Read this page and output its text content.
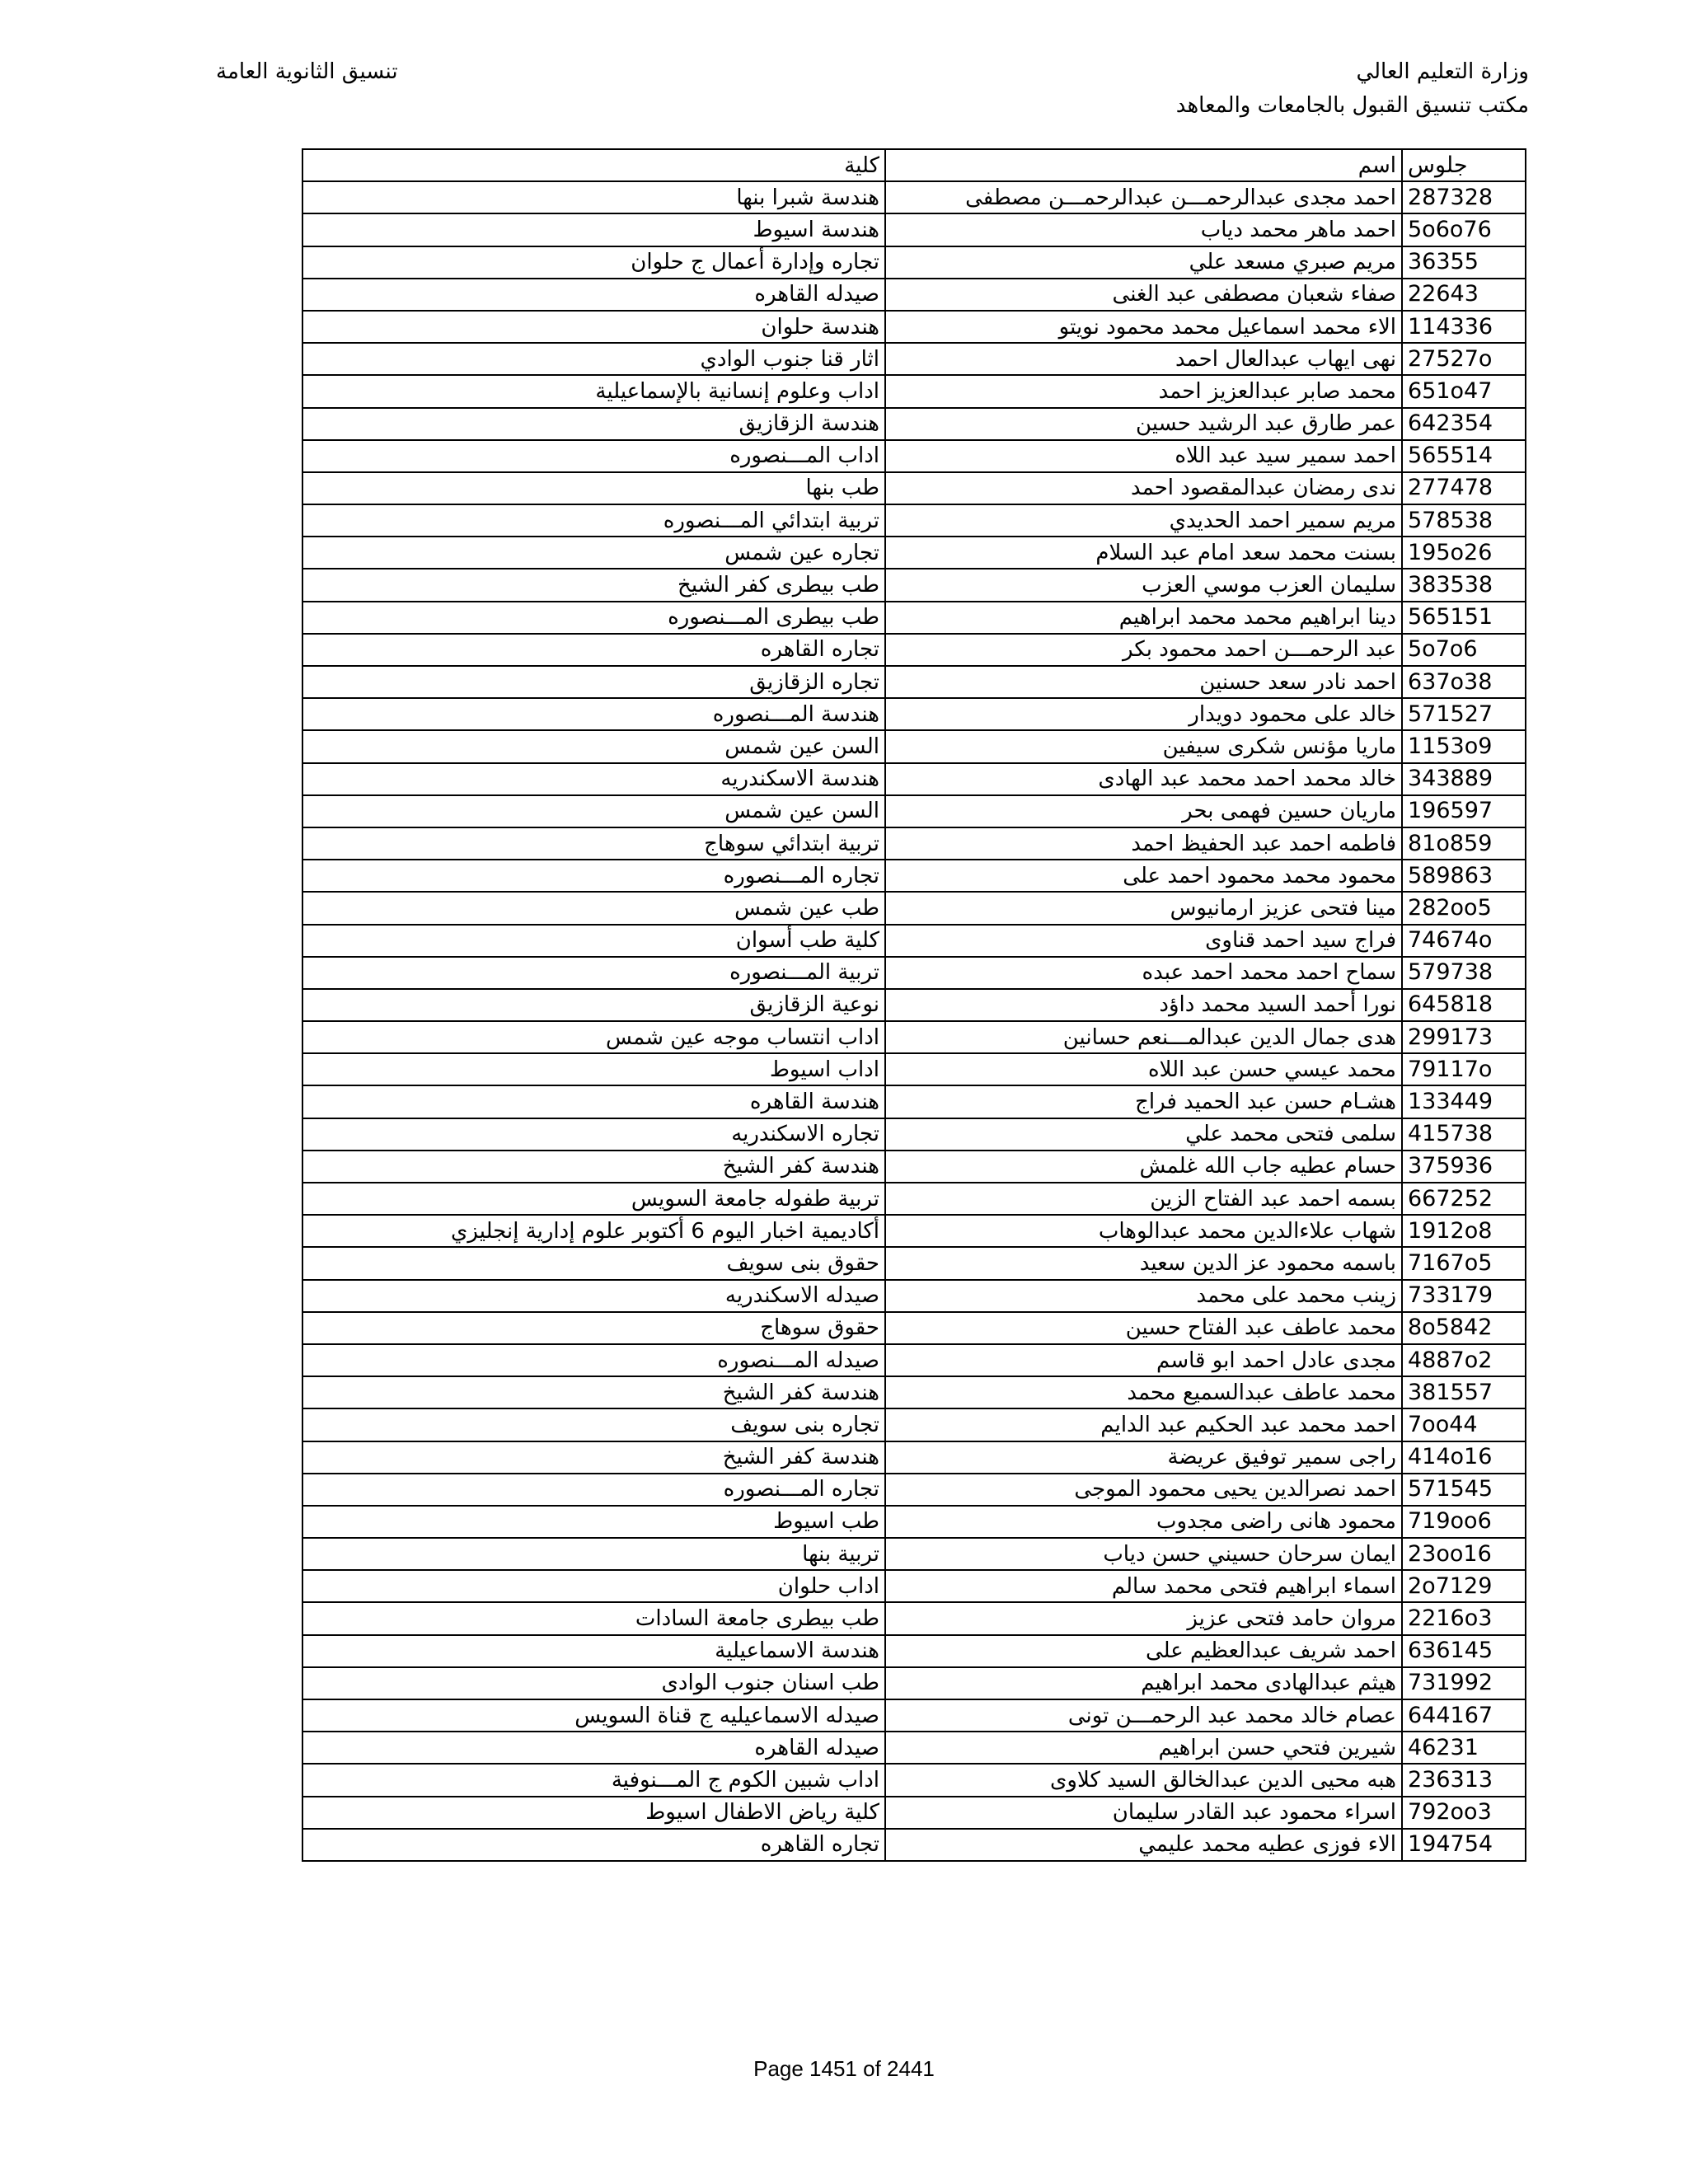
وزارة التعليم العالي
مكتب تنسيق القبول بالجامعات والمعاهد
تنسيق الثانوية العامة
كلية	اسم	جلوس
هندسة شبرا بنها	احمد مجدى عبدالرحمـــن عبدالرحمـــن مصطفى	287328
هندسة اسيوط	احمد ماهر محمد دياب	5o6o76
تجاره وإدارة أعمال ج حلوان	مريم صبري مسعد علي	36355
صيدله القاهره	صفاء شعبان مصطفى عبد الغنى	22643
هندسة حلوان	الاء محمد اسماعيل محمد محمود نويتو	114336
اثار قنا جنوب الوادي	نهى ايهاب عبدالعال احمد	27527o
اداب وعلوم إنسانية بالإسماعيلية	محمد صابر عبدالعزيز احمد	651o47
هندسة الزقازيق	عمر طارق عبد الرشيد حسين	642354
اداب المـــنصوره	احمد سمير سيد عبد اللاه	565514
طب بنها	ندى رمضان عبدالمقصود احمد	277478
تربية ابتدائي المـــنصوره	مريم سمير احمد الحديدي	578538
تجاره عين شمس	بسنت محمد سعد امام عبد السلام	195o26
طب بيطرى كفر الشيخ	سليمان العزب موسي العزب	383538
طب بيطرى المـــنصوره	دينا ابراهيم محمد محمد ابراهيم	565151
تجاره القاهره	عبد الرحمـــن احمد محمود بكر	5o7o6
تجاره الزقازيق	احمد نادر سعد حسنين	637o38
هندسة المـــنصوره	خالد على محمود دويدار	571527
السن عين شمس	ماريا مؤنس شكرى سيفين	1153o9
هندسة الاسكندريه	خالد محمد احمد محمد عبد الهادى	343889
السن عين شمس	ماريان حسين فهمى بحر	196597
تربية ابتدائي سوهاج	فاطمه احمد عبد الحفيظ احمد	81o859
تجاره المـــنصوره	محمود محمد محمود احمد على	589863
طب عين شمس	مينا فتحى عزيز ارمانيوس	282oo5
كلية طب أسوان	فراج سيد احمد قناوى	74674o
تربية المـــنصوره	سماح احمد محمد احمد عبده	579738
نوعية الزقازيق	نورا أحمد السيد محمد داؤد	645818
اداب انتساب موجه عين شمس	هدى جمال الدين عبدالمـــنعم حسانين	299173
اداب اسيوط	محمد عيسي حسن عبد اللاه	79117o
هندسة القاهره	هشـام حسن عبد الحميد فراج	133449
تجاره الاسكندريه	سلمى فتحى محمد علي	415738
هندسة كفر الشيخ	حسام عطيه جاب الله غلمش	375936
تربية طفوله جامعة السويس	بسمه احمد عبد الفتاح الزين	667252
أكاديمية اخبار اليوم 6 أكتوبر علوم إدارية إنجليزي	شهاب علاءالدين محمد عبدالوهاب	1912o8
حقوق بنى سويف	باسمه محمود عز الدين سعيد	7167o5
صيدله الاسكندريه	زينب محمد على محمد	733179
حقوق سوهاج	محمد عاطف عبد الفتاح حسين	8o5842
صيدله المـــنصوره	مجدى عادل احمد ابو قاسم	4887o2
هندسة كفر الشيخ	محمد عاطف عبدالسميع محمد	381557
تجاره بنى سويف	احمد محمد عبد الحكيم عبد الدايم	7oo44
هندسة كفر الشيخ	راجى سمير توفيق عريضة	414o16
تجاره المـــنصوره	احمد نصرالدين يحيى محمود الموجى	571545
طب اسيوط	محمود هانى راضى مجدوب	719oo6
تربية بنها	ايمان سرحان حسيني حسن دياب	23oo16
اداب حلوان	اسماء ابراهيم فتحى محمد سالم	2o7129
طب بيطرى جامعة السادات	مروان حامد فتحى عزيز	2216o3
هندسة الاسماعيلية	احمد شريف عبدالعظيم على	636145
طب اسنان جنوب الوادى	هيثم عبدالهادى محمد ابراهيم	731992
صيدله الاسماعيليه ج قناة السويس	عصام خالد محمد عبد الرحمـــن تونى	644167
صيدله القاهره	شيرين فتحي حسن ابراهيم	46231
اداب شبين الكوم ج المـــنوفية	هبه محيى الدين عبدالخالق السيد كلاوى	236313
كلية رياض الاطفال اسيوط	اسراء محمود عبد القادر سليمان	792oo3
تجاره القاهره	الاء فوزى عطيه محمد عليمي	194754
Page 1451 of 2441
